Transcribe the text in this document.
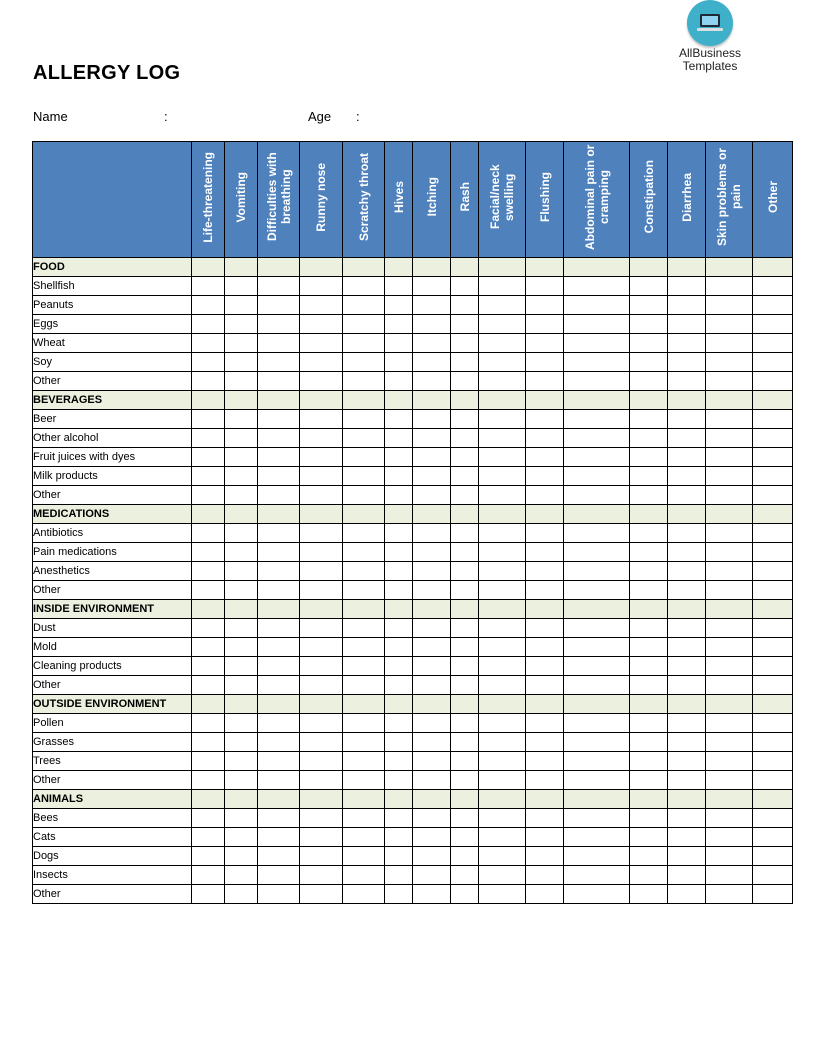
AllBusiness
Templates
ALLERGY LOG
Name	:	Age :
	Life-threatening	Vomiting	Difficulties with breathing	Runny nose	Scratchy throat	Hives	Itching	Rash	Facial/neck swelling	Flushing	Abdominal pain or cramping	Constipation	Diarrhea	Skin problems or pain	Other
FOOD															
Shellfish															
Peanuts															
Eggs															
Wheat															
Soy															
Other															
BEVERAGES															
Beer															
Other alcohol															
Fruit juices with dyes															
Milk products															
Other															
MEDICATIONS															
Antibiotics															
Pain medications															
Anesthetics															
Other															
INSIDE ENVIRONMENT															
Dust															
Mold															
Cleaning products															
Other															
OUTSIDE ENVIRONMENT															
Pollen															
Grasses															
Trees															
Other															
ANIMALS															
Bees															
Cats															
Dogs															
Insects															
Other															
